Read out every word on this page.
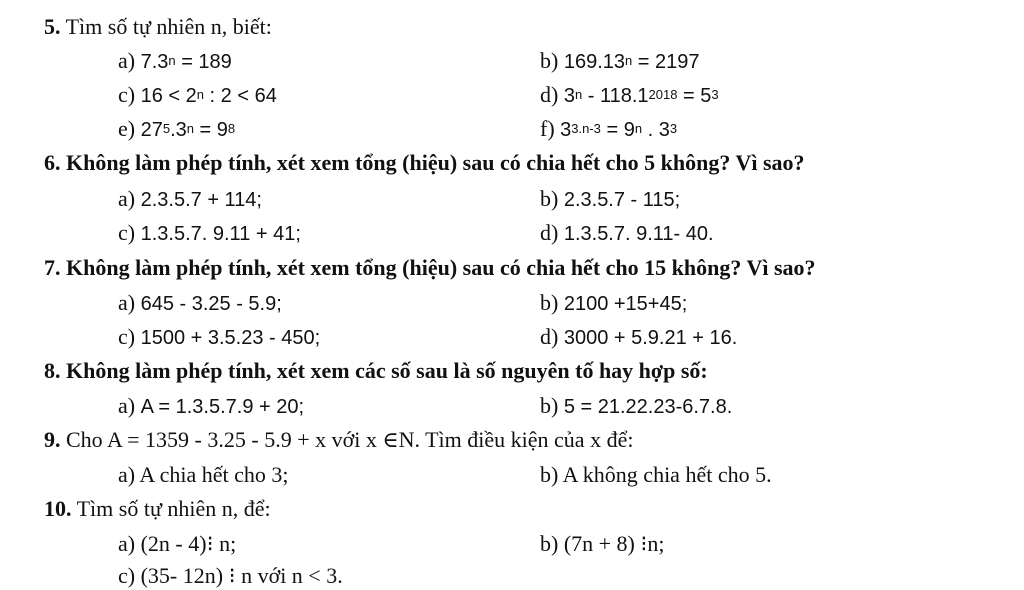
5. Tìm số tự nhiên n, biết:
a) $7.3^n = 189$	b) $169.13^n = 2197$
c) $16 < 2^n$ : 2 < 64	d) $3^n - 118.1^{2018} = 5^3$
e) $27^5.3^n = 9^8$	f) $3^{3.n-3} = 9^n$ . $3^3$
6. Không làm phép tính, xét xem tổng (hiệu) sau có chia hết cho 5 không? Vì sao?
a) 2.3.5.7 + 114;	b) 2.3.5.7 - 115;
c) 1.3.5.7. 9.11 + 41;	d) 1.3.5.7. 9.11- 40.
7. Không làm phép tính, xét xem tổng (hiệu) sau có chia hết cho 15 không? Vì sao?
a) 645 - 3.25 - 5.9;	b) 2100 +15+45;
c) 1500 + 3.5.23 - 450;	d) 3000 + 5.9.21 + 16.
8. Không làm phép tính, xét xem các số sau là số nguyên tố hay hợp số:
a) A = 1.3.5.7.9 + 20;	b) 5 = 21.22.23-6.7.8.
9. Cho A = 1359 - 3.25 - 5.9 + x với x ∈N. Tìm điều kiện của x để:
a) A chia hết cho 3;	b) A không chia hết cho 5.
10. Tìm số tự nhiên n, để:
a) (2n - 4)⁝ n;	b) (7n + 8) ⁝n;
c) (35- 12n) ⁝ n với n < 3.
